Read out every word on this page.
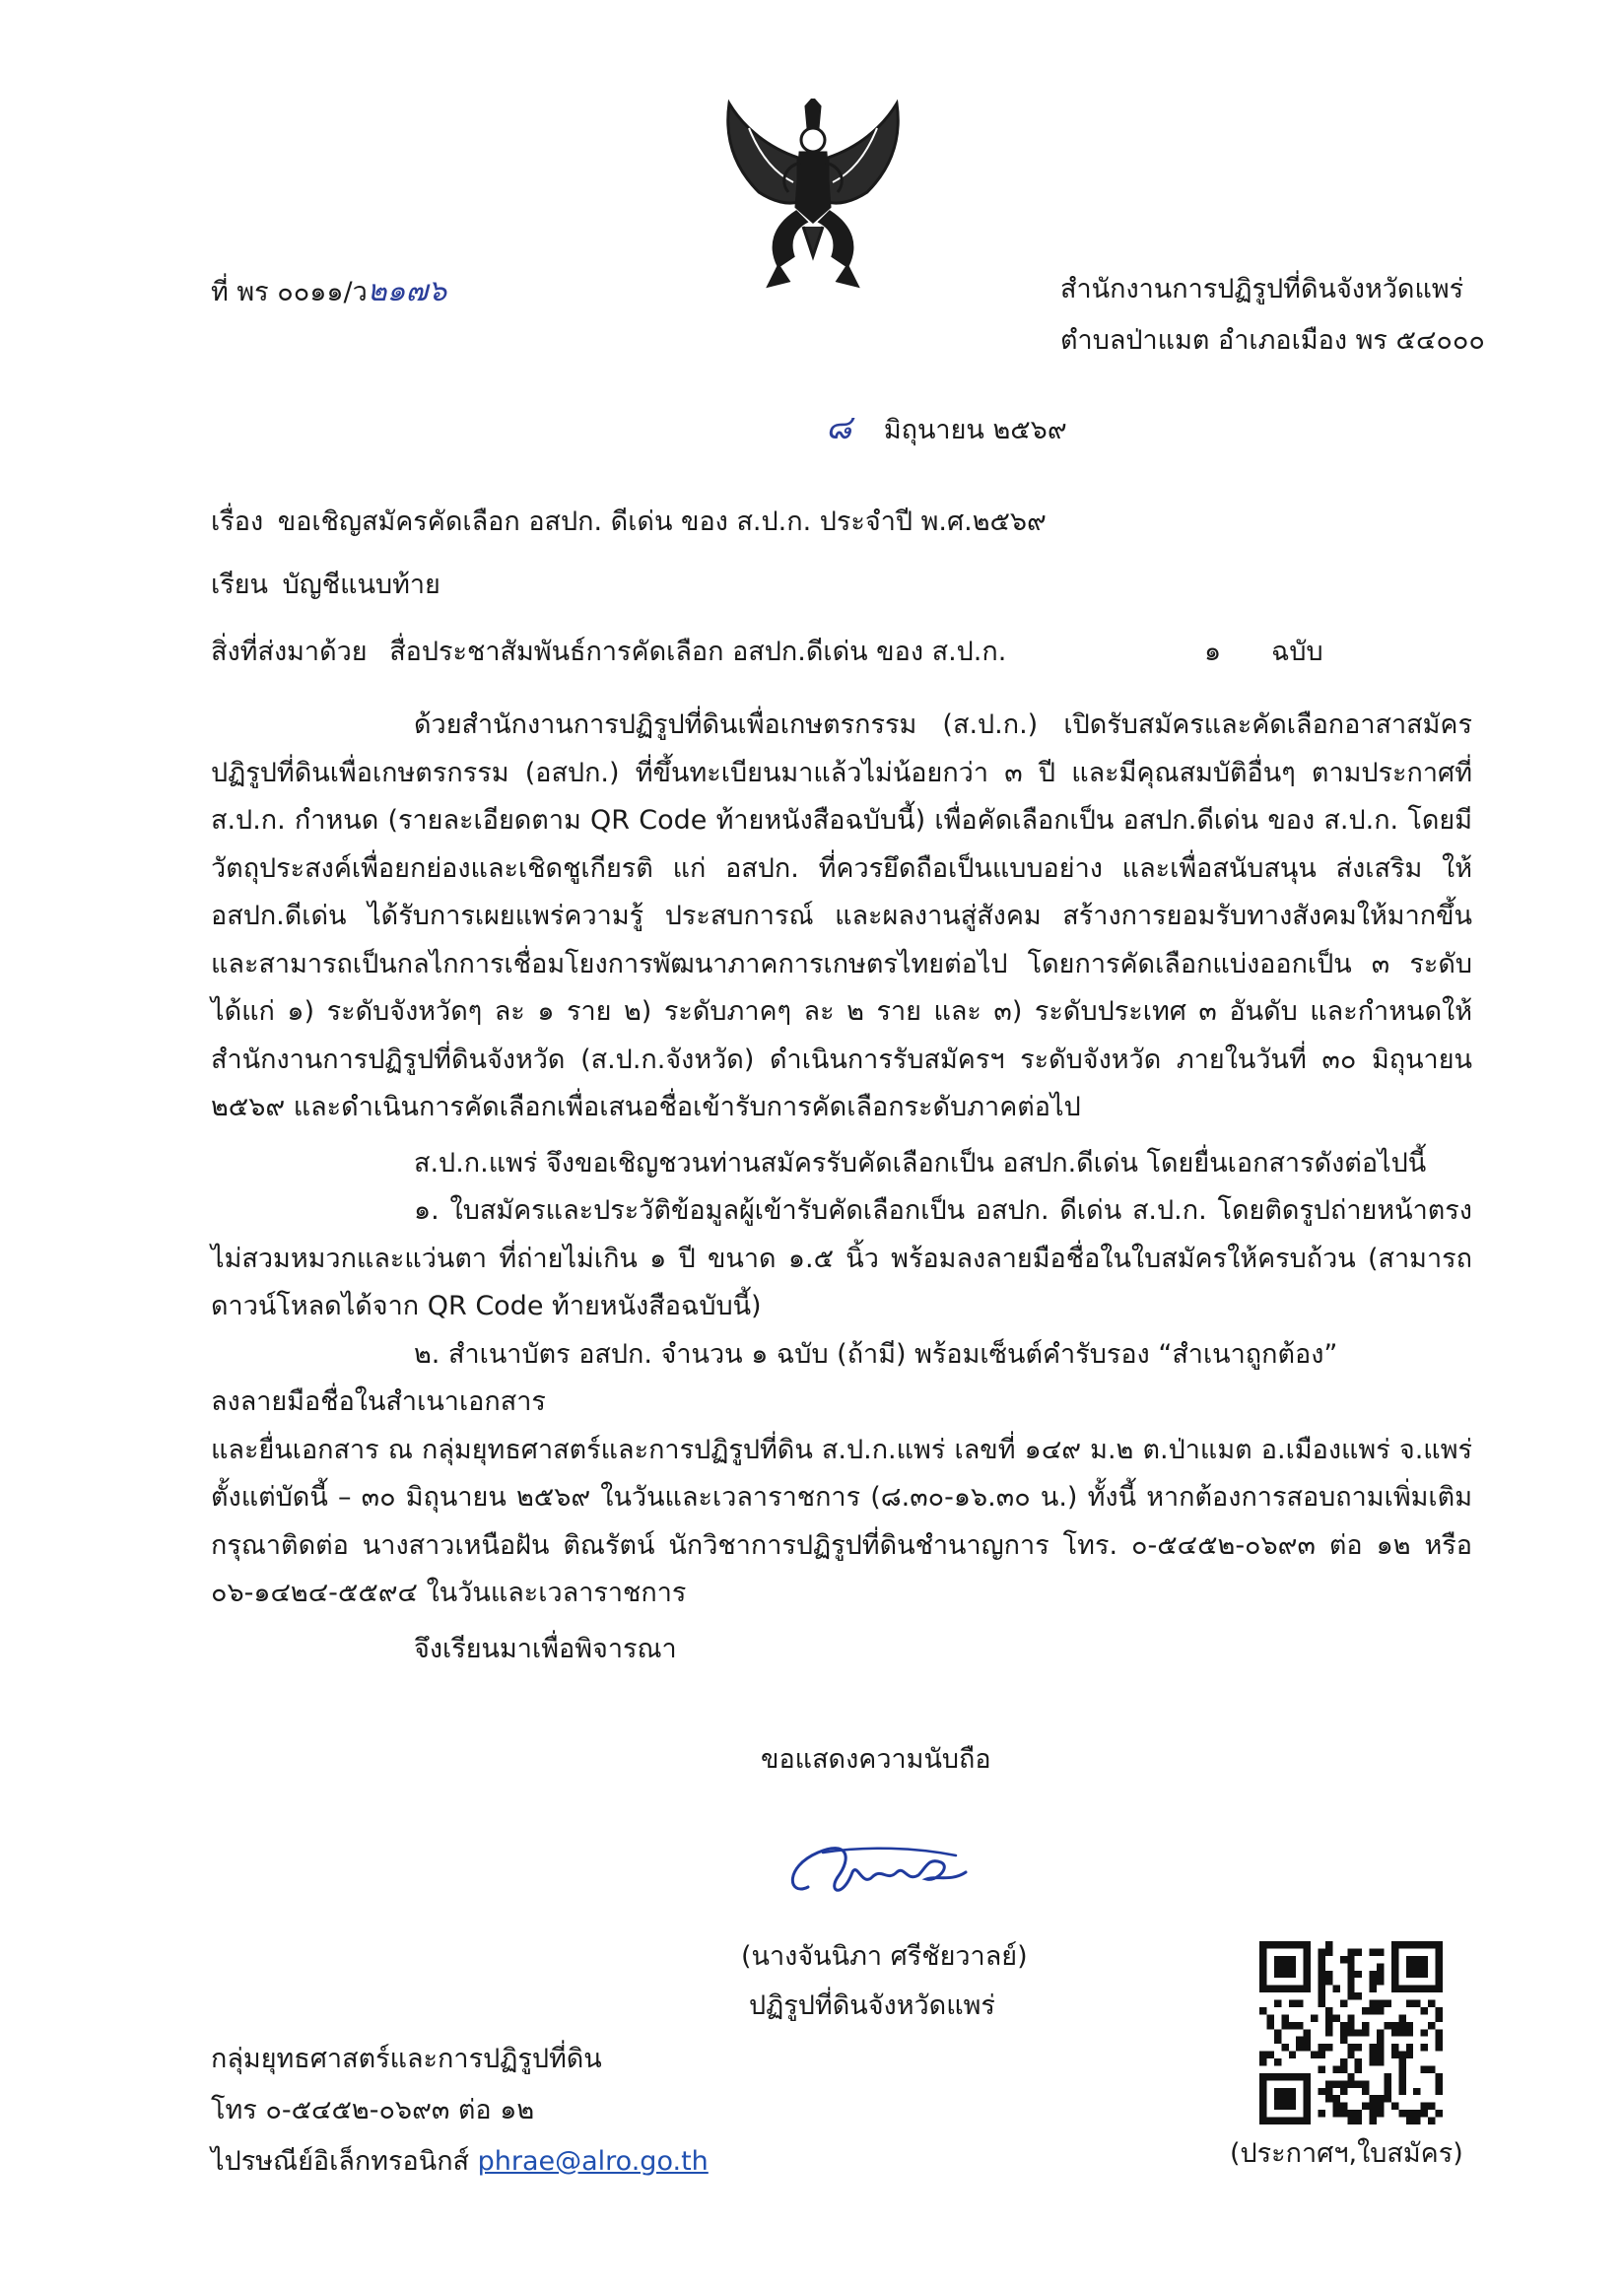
ที่ พร ๐๐๑๑/ว๒๑๗๖	สำนักงานการปฏิรูปที่ดินจังหวัดแพร่
ตำบลป่าแมต อำเภอเมือง พร ๕๔๐๐๐
๘ มิถุนายน ๒๕๖๙
เรื่อง ขอเชิญสมัครคัดเลือก อสปก. ดีเด่น ของ ส.ป.ก. ประจำปี พ.ศ.๒๕๖๙
เรียน บัญชีแนบท้าย
สิ่งที่ส่งมาด้วย สื่อประชาสัมพันธ์การคัดเลือก อสปก.ดีเด่น ของ ส.ป.ก.	๑ ฉบับ

ด้วยสำนักงานการปฏิรูปที่ดินเพื่อเกษตรกรรม (ส.ป.ก.) เปิดรับสมัครและคัดเลือกอาสาสมัครปฏิรูปที่ดินเพื่อเกษตรกรรม (อสปก.) ที่ขึ้นทะเบียนมาแล้วไม่น้อยกว่า ๓ ปี และมีคุณสมบัติอื่นๆ ตามประกาศที่ ส.ป.ก. กำหนด (รายละเอียดตาม QR Code ท้ายหนังสือฉบับนี้) เพื่อคัดเลือกเป็น อสปก.ดีเด่น ของ ส.ป.ก. โดยมีวัตถุประสงค์เพื่อยกย่องและเชิดชูเกียรติ แก่ อสปก. ที่ควรยึดถือเป็นแบบอย่าง และเพื่อสนับสนุน ส่งเสริม ให้ อสปก.ดีเด่น ได้รับการเผยแพร่ความรู้ ประสบการณ์ และผลงานสู่สังคม สร้างการยอมรับทางสังคมให้มากขึ้น และสามารถเป็นกลไกการเชื่อมโยงการพัฒนาภาคการเกษตรไทยต่อไป โดยการคัดเลือกแบ่งออกเป็น ๓ ระดับ ได้แก่ ๑) ระดับจังหวัดๆ ละ ๑ ราย ๒) ระดับภาคๆ ละ ๒ ราย และ ๓) ระดับประเทศ ๓ อันดับ และกำหนดให้สำนักงานการปฏิรูปที่ดินจังหวัด (ส.ป.ก.จังหวัด) ดำเนินการรับสมัครฯ ระดับจังหวัด ภายในวันที่ ๓๐ มิถุนายน ๒๕๖๙ และดำเนินการคัดเลือกเพื่อเสนอชื่อเข้ารับการคัดเลือกระดับภาคต่อไป

ส.ป.ก.แพร่ จึงขอเชิญชวนท่านสมัครรับคัดเลือกเป็น อสปก.ดีเด่น โดยยื่นเอกสารดังต่อไปนี้

๑. ใบสมัครและประวัติข้อมูลผู้เข้ารับคัดเลือกเป็น อสปก. ดีเด่น ส.ป.ก. โดยติดรูปถ่ายหน้าตรงไม่สวมหมวกและแว่นตา ที่ถ่ายไม่เกิน ๑ ปี ขนาด ๑.๕ นิ้ว พร้อมลงลายมือชื่อในใบสมัครให้ครบถ้วน (สามารถดาวน์โหลดได้จาก QR Code ท้ายหนังสือฉบับนี้)

๒. สำเนาบัตร อสปก. จำนวน ๑ ฉบับ (ถ้ามี) พร้อมเซ็นต์คำรับรอง “สำเนาถูกต้อง”

ลงลายมือชื่อในสำเนาเอกสาร

และยื่นเอกสาร ณ กลุ่มยุทธศาสตร์และการปฏิรูปที่ดิน ส.ป.ก.แพร่ เลขที่ ๑๔๙ ม.๒ ต.ป่าแมต อ.เมืองแพร่ จ.แพร่ ตั้งแต่บัดนี้ – ๓๐ มิถุนายน ๒๕๖๙ ในวันและเวลาราชการ (๘.๓๐-๑๖.๓๐ น.) ทั้งนี้ หากต้องการสอบถามเพิ่มเติม กรุณาติดต่อ นางสาวเหนือฝัน ติณรัตน์ นักวิชาการปฏิรูปที่ดินชำนาญการ โทร. ๐-๕๔๕๒-๐๖๙๓ ต่อ ๑๒ หรือ ๐๖-๑๔๒๔-๕๕๙๔ ในวันและเวลาราชการ

จึงเรียนมาเพื่อพิจารณา

ขอแสดงความนับถือ
(นางจันนิภา ศรีชัยวาลย์)
ปฏิรูปที่ดินจังหวัดแพร่
กลุ่มยุทธศาสตร์และการปฏิรูปที่ดิน
โทร ๐-๕๔๕๒-๐๖๙๓ ต่อ ๑๒
ไปรษณีย์อิเล็กทรอนิกส์ phrae@alro.go.th	(ประกาศฯ,ใบสมัคร)
